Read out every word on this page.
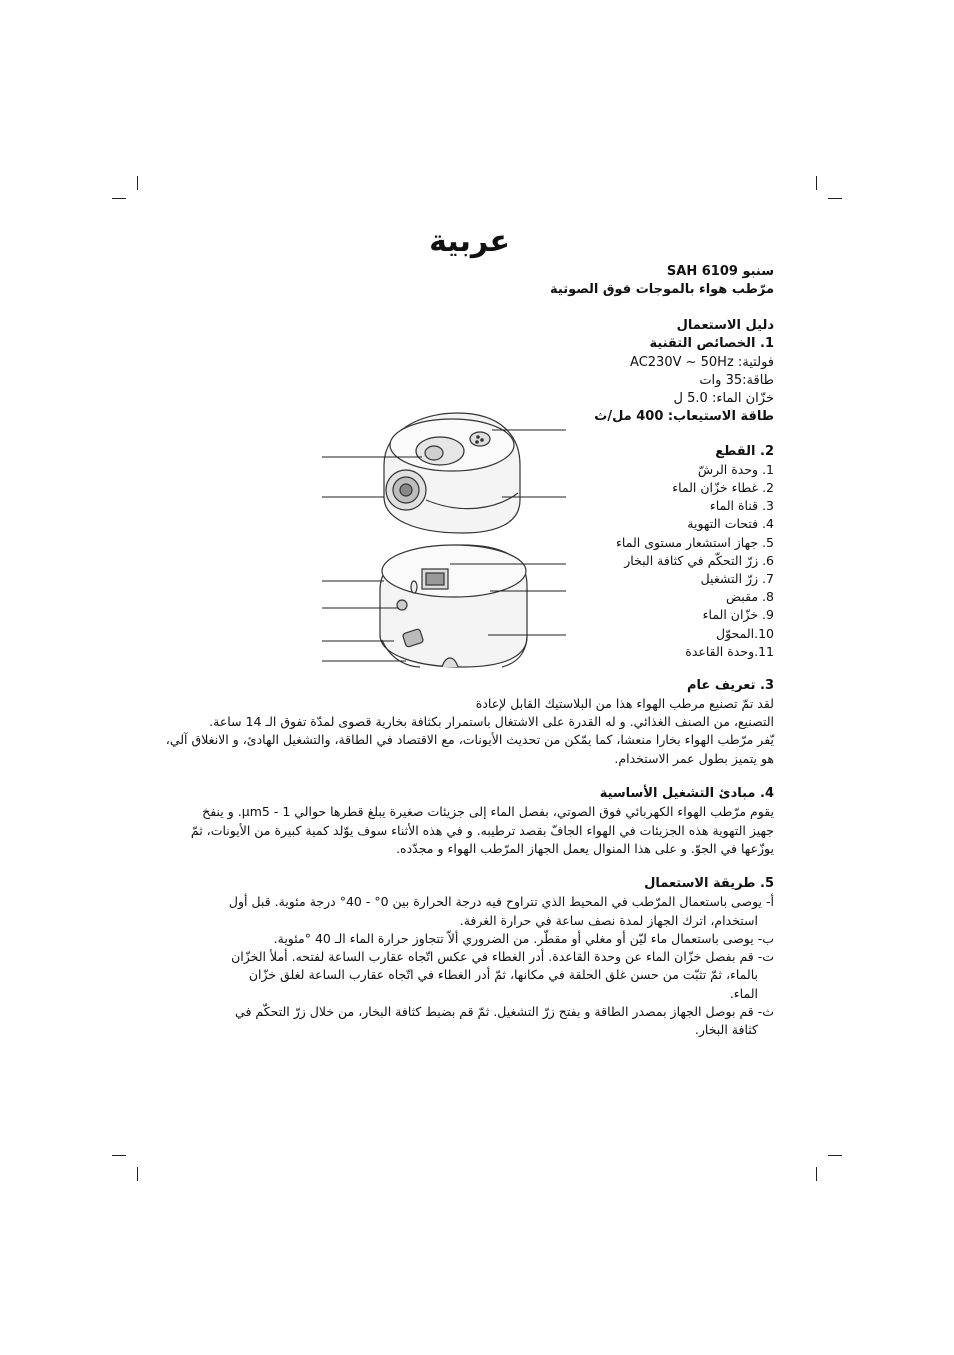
عربية
سنبو SAH 6109
مرّطب هواء بالموجات فوق الصوتية
دليل الاستعمال
1. الخصائص التقنية
فولتية: AC230V ~ 50Hz
طاقة:35 وات
خزّان الماء: 5.0 ل
طاقة الاستيعاب: 400 مل/ث
2. القطع
1. وحدة الرشّ
2. غطاء خزّان الماء
3. قناة الماء
4. فتحات التهوية
5. جهاز استشعار مستوى الماء
6. زرّ التحكّم في كثافة البخار
7. زرّ التشغيل
8. مقبض
9. خزّان الماء
10.المحوّل
11.وحدة القاعدة
3. تعريف عام
لقد تمّ تصنيع مرطب الهواء هذا من البلاستيك القابل لإعادة
التصنيع، من الصنف الغذائي. و له القدرة على الاشتغال باستمرار بكثافة بخارية قصوى لمدّة تفوق الـ 14 ساعة.
يّفر مرّطب الهواء بخارا منعشا، كما يمّكن من تحديث الأيونات، مع الاقتصاد في الطاقة، والتشغيل الهادئ، و الانغلاق آلي،
هو يتميز بطول عمر الاستخدام.
4. مبادئ التشغيل الأساسية
يقوم مرّطب الهواء الكهربائي فوق الصوتي، بفصل الماء إلى جزيئات صغيرة يبلغ قطرها حوالي 1 - µm5. و ينفخ
جهيز التهوية هذه الجزيئات في الهواء الجافّ بقصد ترطيبه. و في هذه الأثناء سوف يوّلد كمية كبيرة من الأيونات، ثمّ
يوزّعها في الجوّ. و على هذا المنوال يعمل الجهاز المرّطب الهواء و مجدّده.
5. طريقة الاستعمال
أ- يوصى باستعمال المرّطب في المحيط الذي تتراوح فيه درجة الحرارة بين 0° - 40° درجة مئوية. قبل أول
استخدام، اترك الجهاز لمدة نصف ساعة في حرارة الغرفة.
ب- يوصى باستعمال ماء ليّن أو مغلي أو مقطّر. من الضروري ألاّ تتجاوز حرارة الماء الـ 40 °مئوية.
ت- قم بفصل خزّان الماء عن وحدة القاعدة. أدر الغطاء في عكس اتّجاه عقارب الساعة لفتحه. أملأ الخزّان
بالماء، ثمّ تثبّت من حسن غلق الحلقة في مكانها، ثمّ أدر الغطاء في اتّجاه عقارب الساعة لغلق خزّان
الماء.
ث- قم بوصل الجهاز بمصدر الطاقة و بفتح زرّ التشغيل. ثمّ قم بضبط كثافة البخار، من خلال زرّ التحكّم في
كثافة البخار.
